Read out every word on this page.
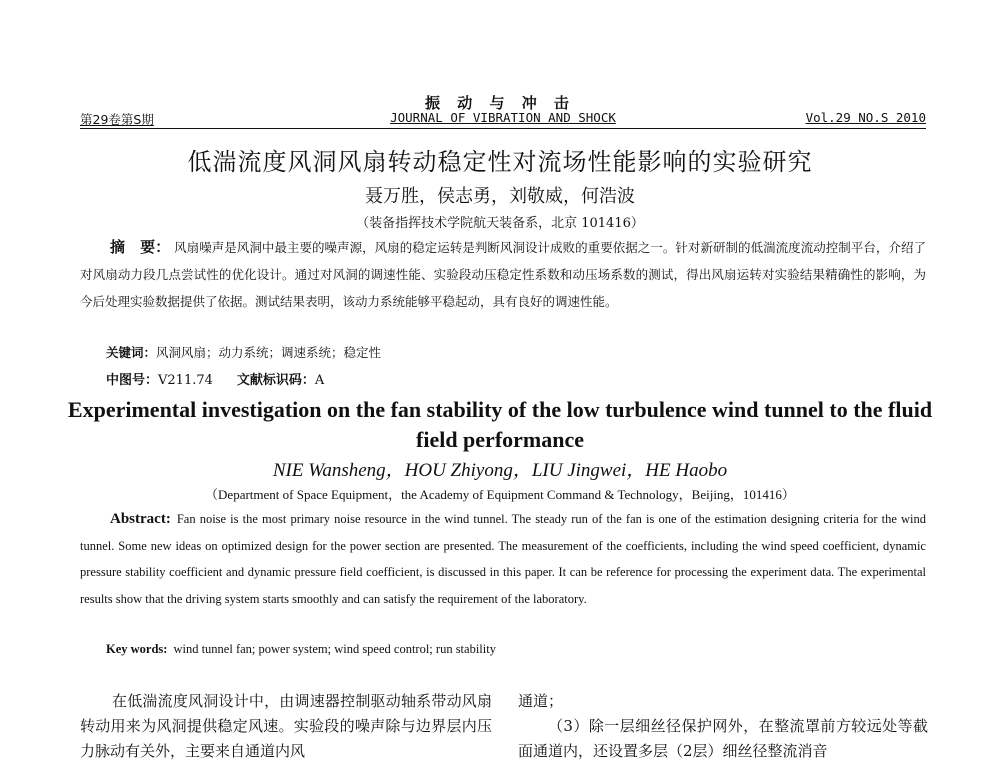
振 动 与 冲 击
第29卷第S期	JOURNAL OF VIBRATION AND SHOCK	Vol.29 NO.S 2010
低湍流度风洞风扇转动稳定性对流场性能影响的实验研究
聂万胜，侯志勇，刘敬威，何浩波
（装备指挥技术学院航天装备系，北京 101416）
摘　要： 风扇噪声是风洞中最主要的噪声源，风扇的稳定运转是判断风洞设计成败的重要依据之一。针对新研制的低湍流度流动控制平台，介绍了对风扇动力段几点尝试性的优化设计。通过对风洞的调速性能、实验段动压稳定性系数和动压场系数的测试，得出风扇运转对实验结果精确性的影响，为今后处理实验数据提供了依据。测试结果表明，该动力系统能够平稳起动，具有良好的调速性能。
关键词：风洞风扇；动力系统；调速系统；稳定性
中图号：V211.74 文献标识码：A
Experimental investigation on the fan stability of the low turbulence wind tunnel to the fluid field performance
NIE Wansheng，HOU Zhiyong，LIU Jingwei，HE Haobo
（Department of Space Equipment，the Academy of Equipment Command & Technology，Beijing，101416）
Abstract: Fan noise is the most primary noise resource in the wind tunnel. The steady run of the fan is one of the estimation designing criteria for the wind tunnel. Some new ideas on optimized design for the power section are presented. The measurement of the coefficients, including the wind speed coefficient, dynamic pressure stability coefficient and dynamic pressure field coefficient, is discussed in this paper. It can be reference for processing the experiment data. The experimental results show that the driving system starts smoothly and can satisfy the requirement of the laboratory.
Key words: wind tunnel fan; power system; wind speed control; run stability

在低湍流度风洞设计中，由调速器控制驱动轴系带动风扇转动用来为风洞提供稳定风速。实验段的噪声除与边界层内压力脉动有关外，主要来自通道内风

通道；

（3）除一层细丝径保护网外，在整流罩前方较远处等截面通道内，还设置多层（2层）细丝径整流消音
